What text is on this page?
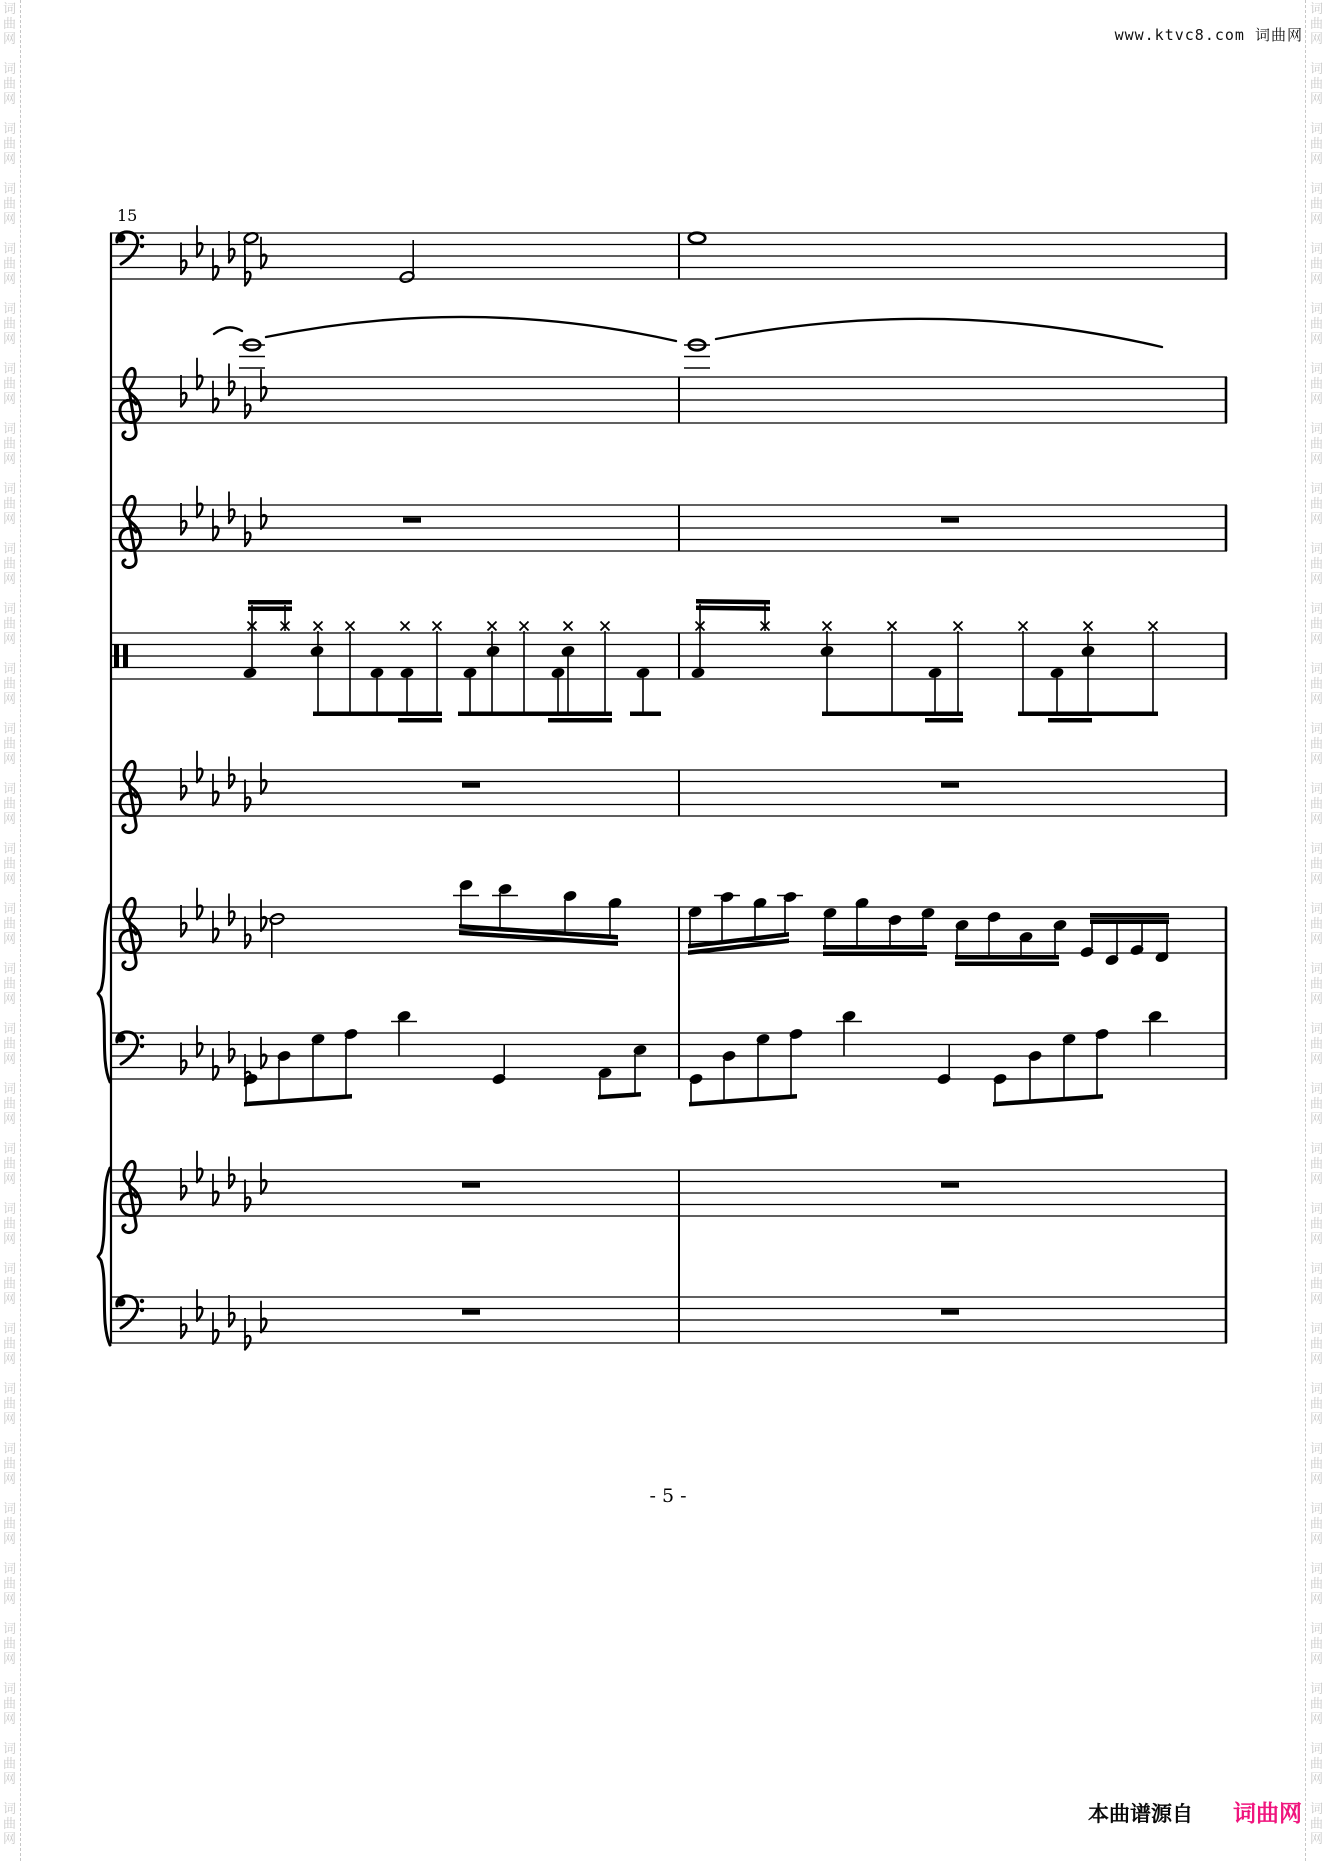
词
曲
网
词
曲
网
词
曲
网
词
曲
网
词
曲
网
词
曲
网
词
曲
网
词
曲
网
词
曲
网
词
曲
网
词
曲
网
词
曲
网
词
曲
网
词
曲
网
词
曲
网
词
曲
网
词
曲
网
词
曲
网
词
曲
网
词
曲
网
词
曲
网
词
曲
网
词
曲
网
词
曲
网
词
曲
网
词
曲
网
词
曲
网
词
曲
网
词
曲
网
词
曲
网
词
曲
网
词
曲
网
词
曲
网
词
曲
网
词
曲
网
词
曲
网
词
曲
网
词
曲
网
词
曲
网
词
曲
网
词
曲
网
词
曲
网
词
曲
网
词
曲
网
词
曲
网
词
曲
网
词
曲
网
词
曲
网
词
曲
网
词
曲
网
词
曲
网
词
曲
网
词
曲
网
词
曲
网
词
曲
网
词
曲
网
词
曲
网
词
曲
网
词
曲
网
词
曲
网
词
曲
网
词
曲
网
www.ktvc8.com 词曲网
15
- 5 -
本曲谱源自 词曲网
